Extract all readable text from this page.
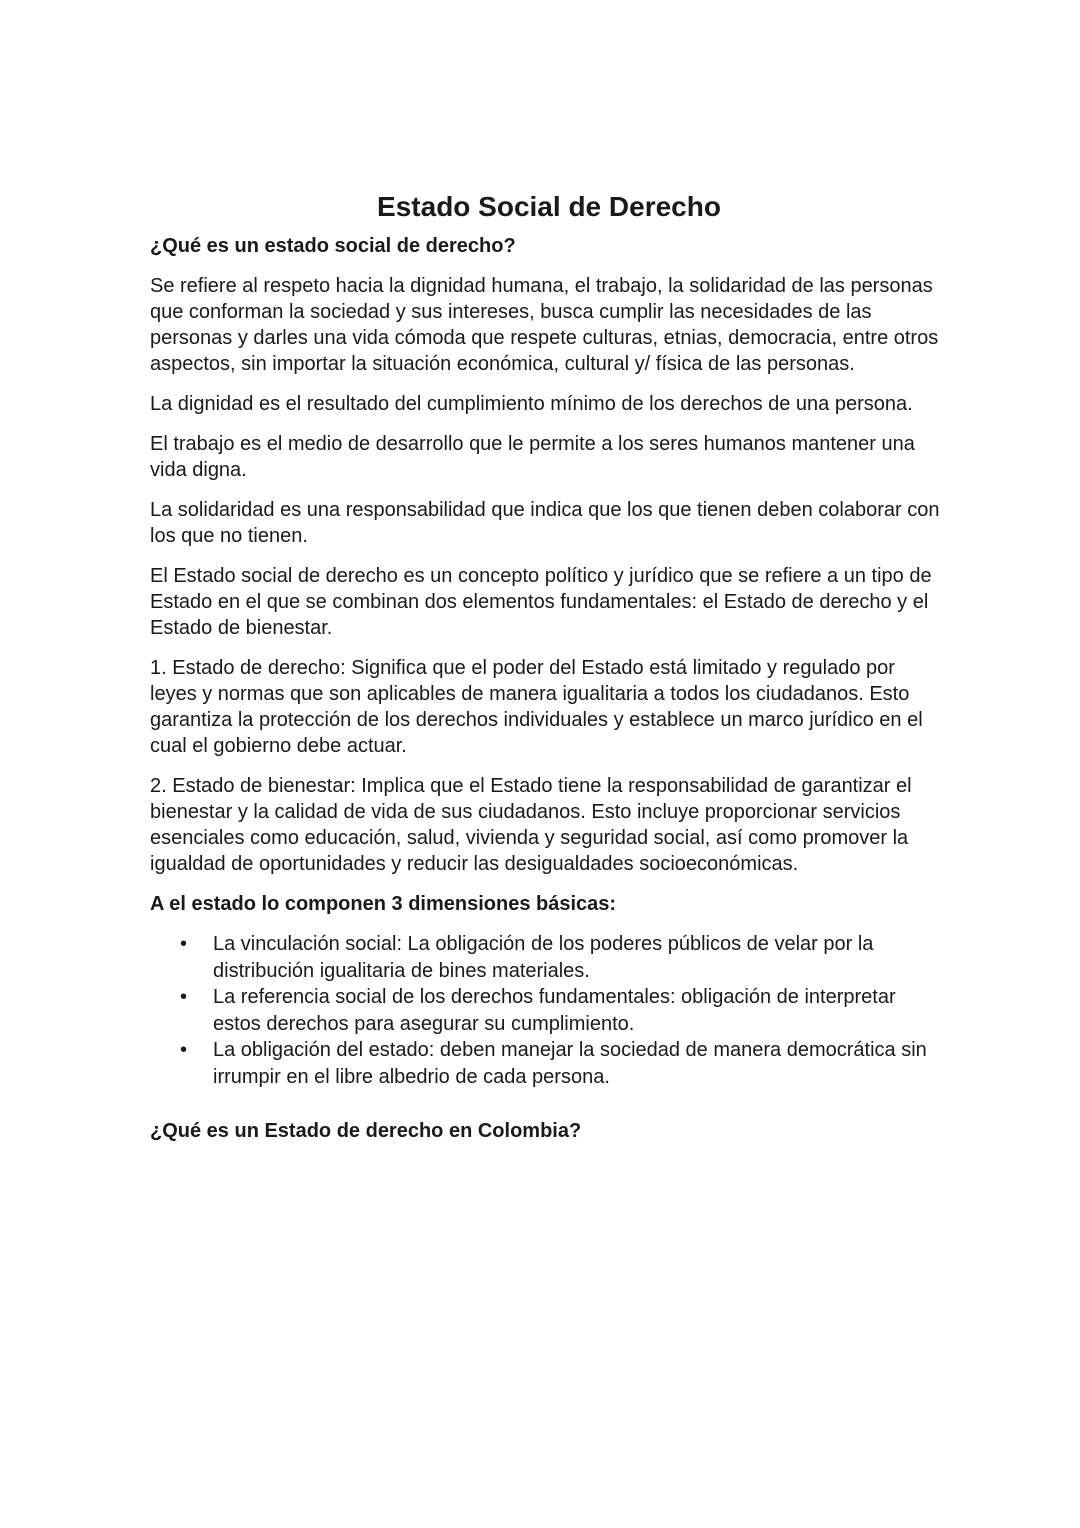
Estado Social de Derecho
¿Qué es un estado social de derecho?

Se refiere al respeto hacia la dignidad humana, el trabajo, la solidaridad de las personas que conforman la sociedad y sus intereses, busca cumplir las necesidades de las personas y darles una vida cómoda que respete culturas, etnias, democracia, entre otros aspectos, sin importar la situación económica, cultural y/ física de las personas.

La dignidad es el resultado del cumplimiento mínimo de los derechos de una persona.

El trabajo es el medio de desarrollo que le permite a los seres humanos mantener una vida digna.

La solidaridad es una responsabilidad que indica que los que tienen deben colaborar con los que no tienen.

El Estado social de derecho es un concepto político y jurídico que se refiere a un tipo de Estado en el que se combinan dos elementos fundamentales: el Estado de derecho y el Estado de bienestar.

1. Estado de derecho: Significa que el poder del Estado está limitado y regulado por leyes y normas que son aplicables de manera igualitaria a todos los ciudadanos. Esto garantiza la protección de los derechos individuales y establece un marco jurídico en el cual el gobierno debe actuar.

2. Estado de bienestar: Implica que el Estado tiene la responsabilidad de garantizar el bienestar y la calidad de vida de sus ciudadanos. Esto incluye proporcionar servicios esenciales como educación, salud, vivienda y seguridad social, así como promover la igualdad de oportunidades y reducir las desigualdades socioeconómicas.

A el estado lo componen 3 dimensiones básicas:
• La vinculación social: La obligación de los poderes públicos de velar por la distribución igualitaria de bines materiales.
• La referencia social de los derechos fundamentales: obligación de interpretar estos derechos para asegurar su cumplimiento.
• La obligación del estado: deben manejar la sociedad de manera democrática sin irrumpir en el libre albedrio de cada persona.
¿Qué es un Estado de derecho en Colombia?
